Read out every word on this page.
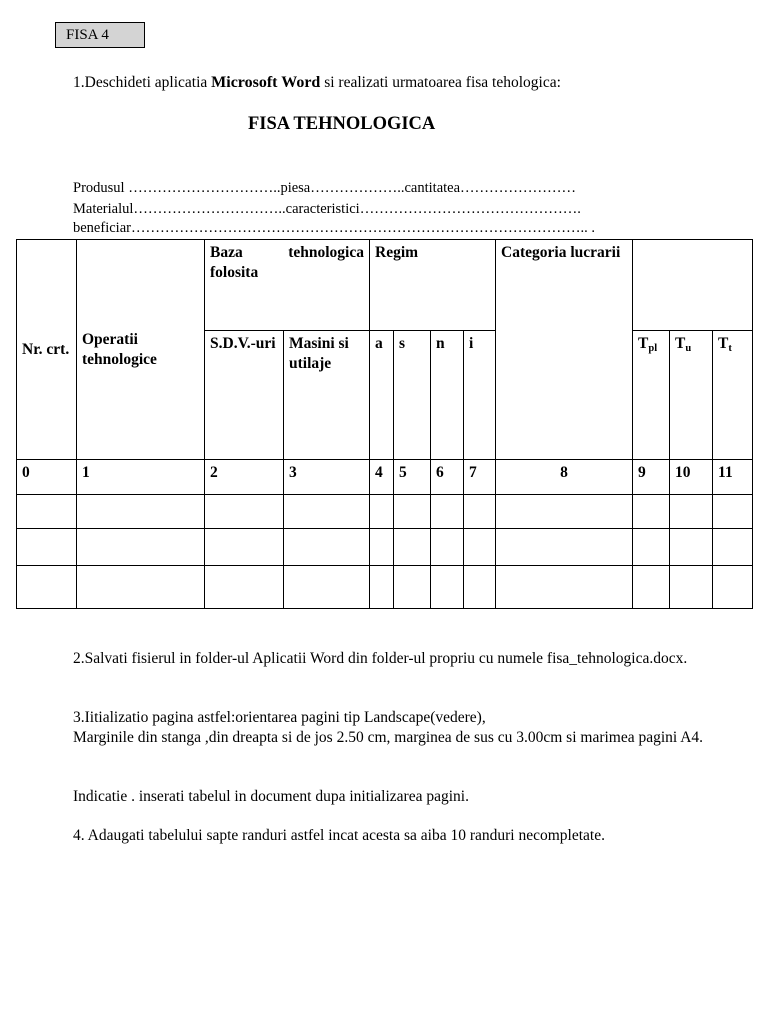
FISA 4
1.Deschideti aplicatia Microsoft Word si realizati urmatoarea fisa tehologica:
FISA TEHNOLOGICA
Produsul …………………………..piesa………………..cantitatea……………………
Materialul…………………………..caracteristici……………………………………….
beneficiar………………………………………………………………………………….. .
Nr. crt.	Operatii tehnologice	Baza tehnologica folosita		Regim				Categoria lucrarii			
		S.D.V.-uri	Masini si utilaje	a	s	n	i		$T_{pl}$	$T_u$	$T_t$
0	1	2	3	4	5	6	7	8	9	10	11

2.Salvati fisierul in folder-ul Aplicatii Word din folder-ul propriu cu numele fisa_tehnologica.docx.
3.Iitializatio pagina astfel:orientarea pagini tip Landscape(vedere),
Marginile din stanga ,din dreapta si de jos 2.50 cm, marginea de sus cu 3.00cm si marimea pagini A4.
Indicatie . inserati tabelul in document dupa initializarea pagini.
4. Adaugati tabelului sapte randuri astfel incat acesta sa aiba 10 randuri necompletate.
